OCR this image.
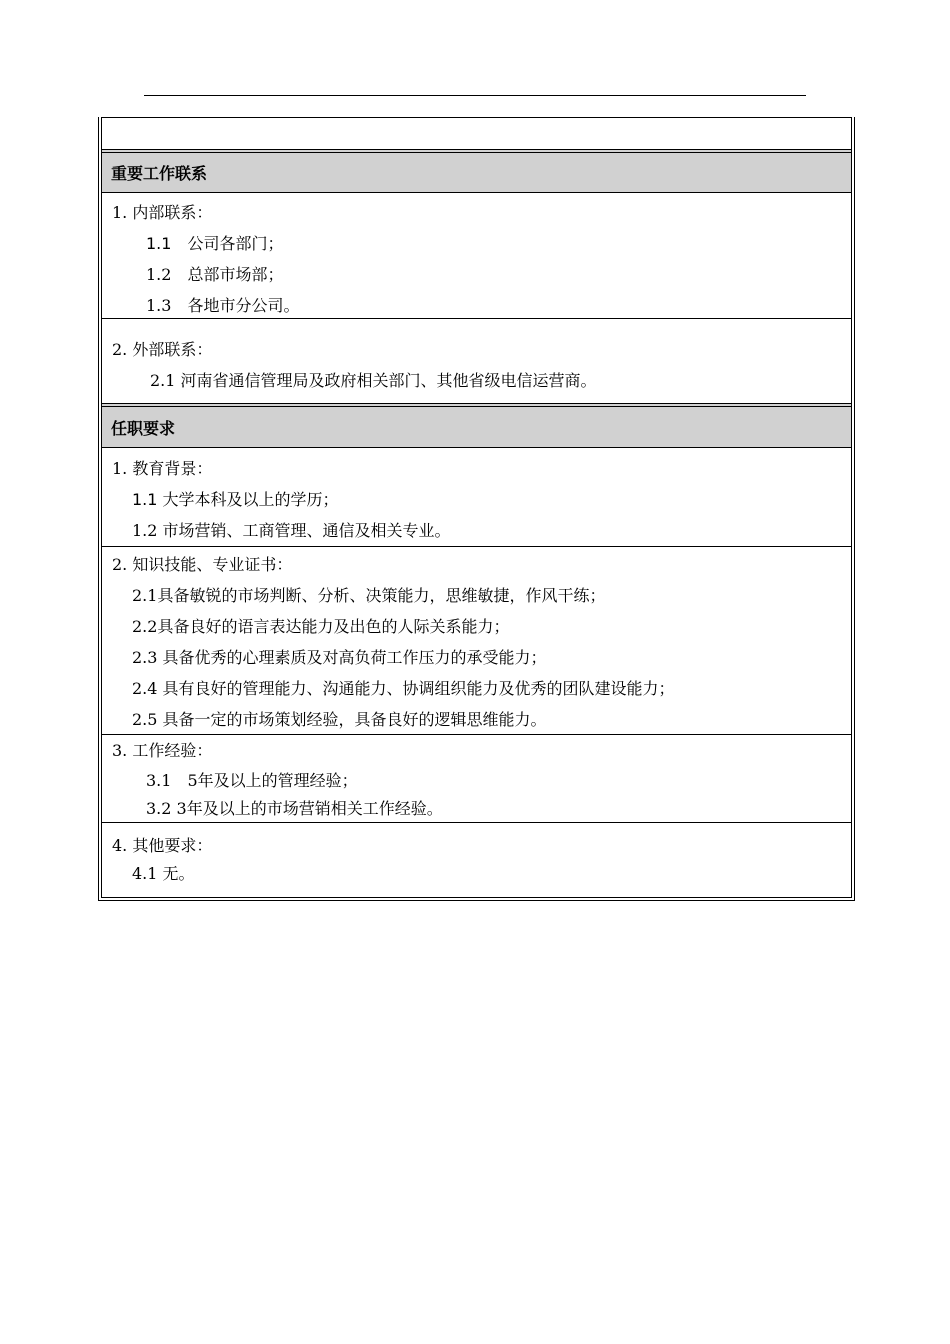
重要工作联系
1. 内部联系：
1.1　公司各部门；
1.2　总部市场部；
1.3　各地市分公司。
2. 外部联系：
2.1 河南省通信管理局及政府相关部门、其他省级电信运营商。
任职要求
1. 教育背景：
1.1 大学本科及以上的学历；
1.2 市场营销、工商管理、通信及相关专业。
2. 知识技能、专业证书：
2.1具备敏锐的市场判断、分析、决策能力，思维敏捷，作风干练；
2.2具备良好的语言表达能力及出色的人际关系能力；
2.3 具备优秀的心理素质及对高负荷工作压力的承受能力；
2.4 具有良好的管理能力、沟通能力、协调组织能力及优秀的团队建设能力；
2.5 具备一定的市场策划经验，具备良好的逻辑思维能力。
3. 工作经验：
3.1　5年及以上的管理经验；
3.2 3年及以上的市场营销相关工作经验。
4. 其他要求：
4.1 无。
